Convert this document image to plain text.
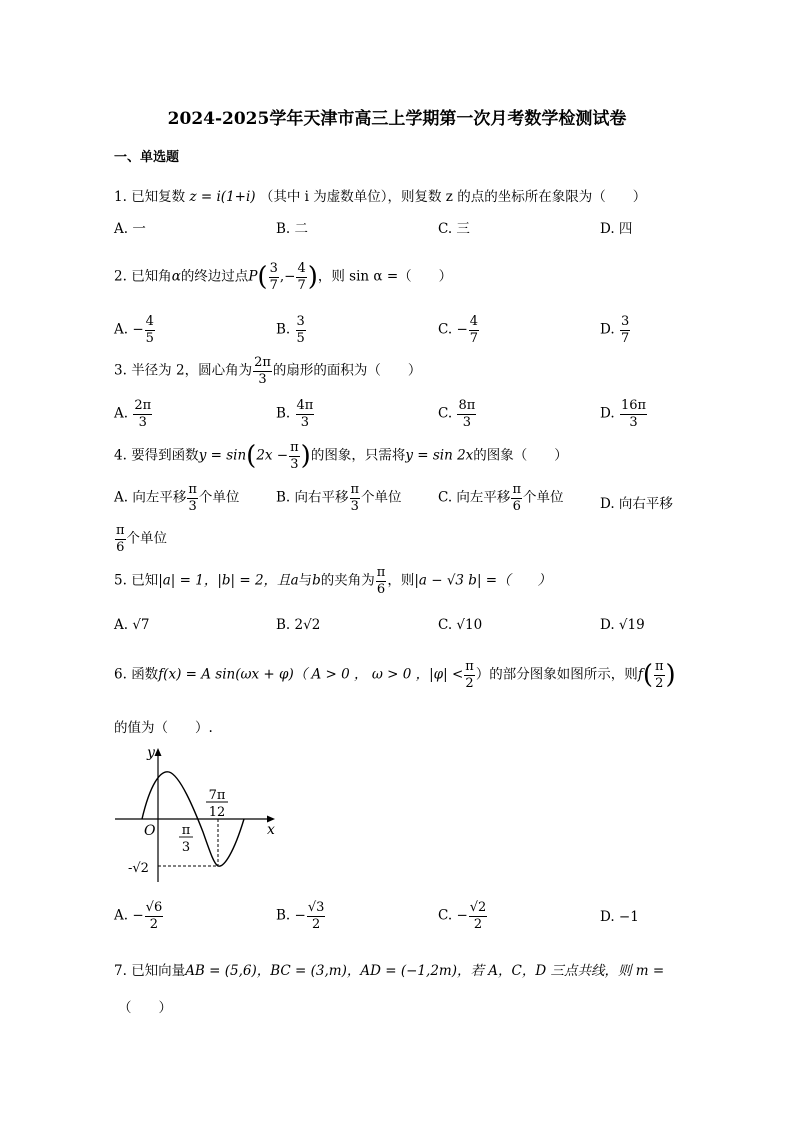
2024-2025学年天津市高三上学期第一次月考数学检测试卷
一、单选题
1. 已知复数 z = i(1+i) （其中 i 为虚数单位），则复数 z 的点的坐标所在象限为（　　）
A. 一	B. 二	C. 三	D. 四
2. 已知角α的终边过点$P( \frac{3}{7}$ ,− $\frac{4}{7}$ )，则 sin α =（　　）
A. − $\frac{4}{5}$	B. $\frac{3}{5}$	C. − $\frac{4}{7}$	D. $\frac{3}{7}$
3. 半径为 2，圆心角为 $\frac{2\pi}{3}$ 的扇形的面积为（　　）
A. $\frac{2\pi}{3}$	B. $\frac{4\pi}{3}$	C. $\frac{8\pi}{3}$	D. $\frac{16\pi}{3}$
4. 要得到函数$y = \sin(2x - \frac{\pi}{3}$ )的图象，只需将y = sin 2x的图象（　　）
A. 向左平移 $\frac{\pi}{3}$ 个单位	B. 向右平移 $\frac{\pi}{3}$ 个单位	C. 向左平移 $\frac{\pi}{6}$ 个单位	D. 向右平移
$\frac{\pi}{6}$ 个单位
5. 已知|a| = 1，|b| = 2，且a与b的夹角为 $\frac{\pi}{6}$ ，则|a − √3 b| =（　　）
A. √7	B. 2√2	C. √10	D. √19
6. 函数f(x) = A sin(ωx + φ)（ A > 0 ， ω > 0 ，$|\varphi| < \frac{\pi}{2}$ ）的部分图象如图所示，则$f( \frac{\pi}{2}$ )
的值为（　　）.
y
x
O π
3
7π
12
-√2
A. − $\frac{√6}{2}$	B. − $\frac{√3}{2}$	C. − $\frac{√2}{2}$	D. −1
7. 已知向量AB = (5,6)，BC = (3,m)，AD = (−1,2m)，若 A，C，D 三点共线，则 m =
（　　）
